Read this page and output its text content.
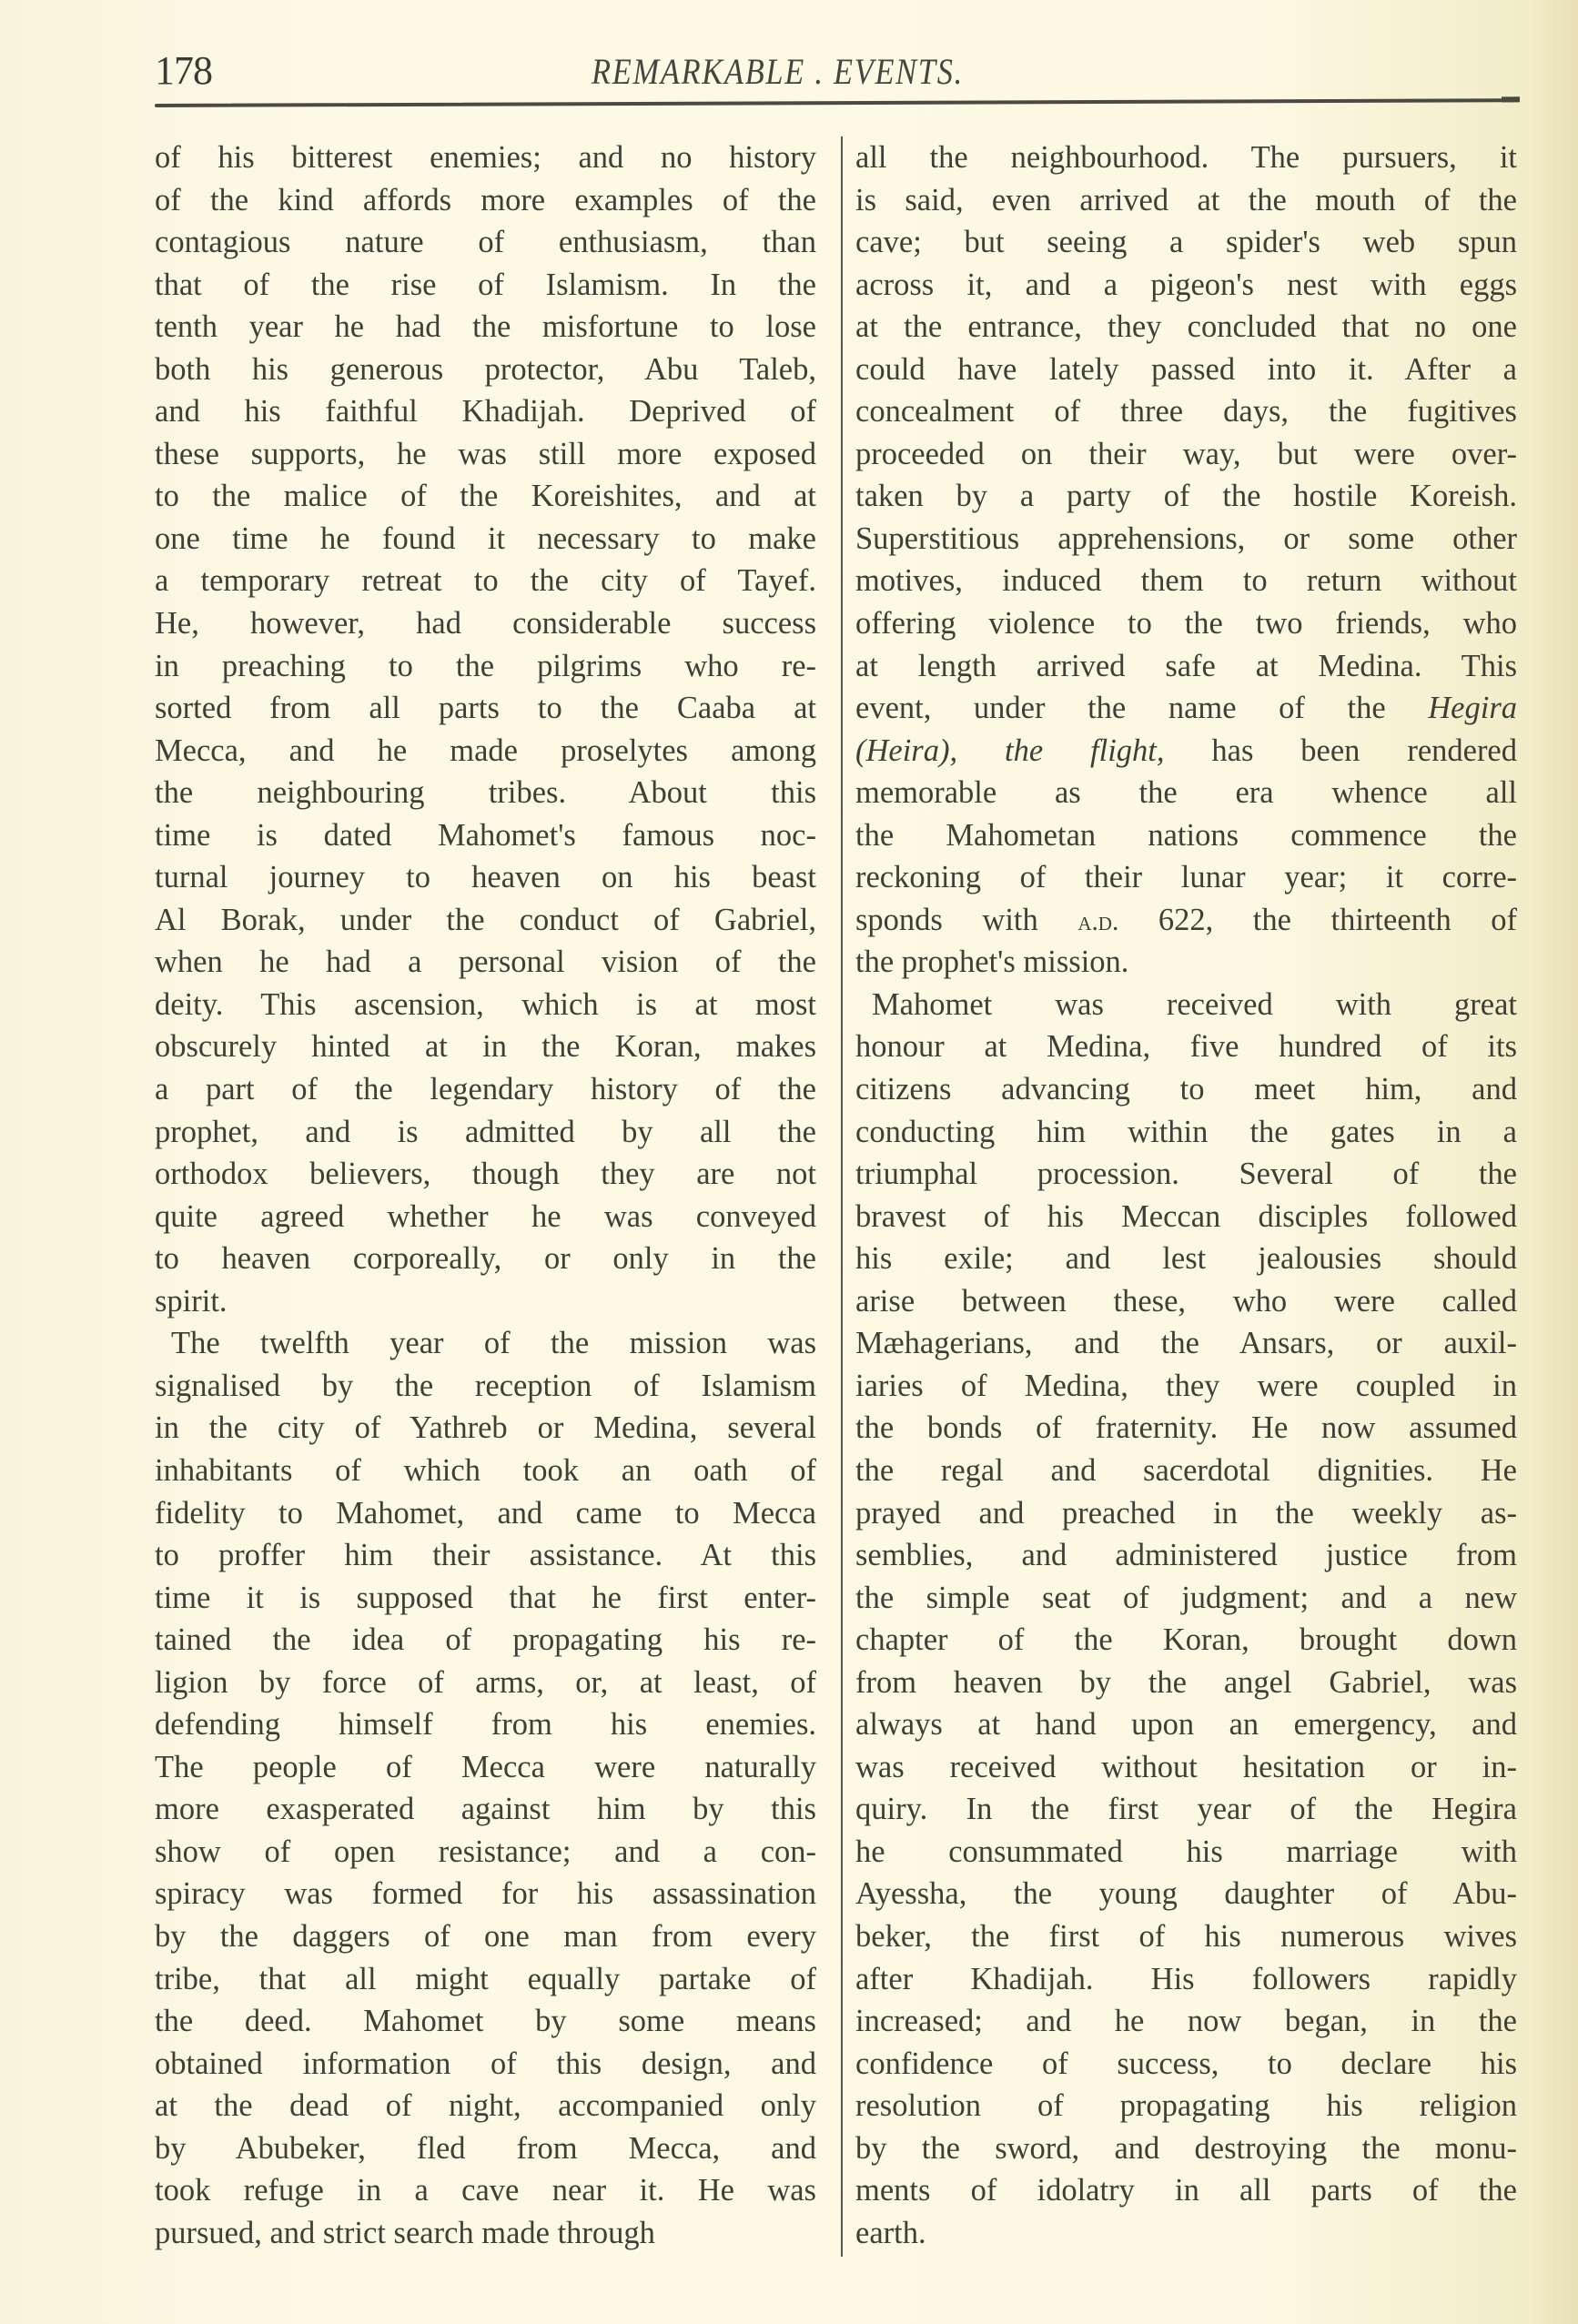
178	REMARKABLE . EVENTS.
of his bitterest enemies; and no history
of the kind affords more examples of the
contagious nature of enthusiasm, than
that of the rise of Islamism. In the
tenth year he had the misfortune to lose
both his generous protector, Abu Taleb,
and his faithful Khadijah. Deprived of
these supports, he was still more exposed
to the malice of the Koreishites, and at
one time he found it necessary to make
a temporary retreat to the city of Tayef.
He, however, had considerable success
in preaching to the pilgrims who re-
sorted from all parts to the Caaba at
Mecca, and he made proselytes among
the neighbouring tribes. About this
time is dated Mahomet's famous noc-
turnal journey to heaven on his beast
Al Borak, under the conduct of Gabriel,
when he had a personal vision of the
deity. This ascension, which is at most
obscurely hinted at in the Koran, makes
a part of the legendary history of the
prophet, and is admitted by all the
orthodox believers, though they are not
quite agreed whether he was conveyed
to heaven corporeally, or only in the
spirit.
The twelfth year of the mission was
signalised by the reception of Islamism
in the city of Yathreb or Medina, several
inhabitants of which took an oath of
fidelity to Mahomet, and came to Mecca
to proffer him their assistance. At this
time it is supposed that he first enter-
tained the idea of propagating his re-
ligion by force of arms, or, at least, of
defending himself from his enemies.
The people of Mecca were naturally
more exasperated against him by this
show of open resistance; and a con-
spiracy was formed for his assassination
by the daggers of one man from every
tribe, that all might equally partake of
the deed. Mahomet by some means
obtained information of this design, and
at the dead of night, accompanied only
by Abubeker, fled from Mecca, and
took refuge in a cave near it. He was
pursued, and strict search made through
all the neighbourhood. The pursuers, it
is said, even arrived at the mouth of the
cave; but seeing a spider's web spun
across it, and a pigeon's nest with eggs
at the entrance, they concluded that no one
could have lately passed into it. After a
concealment of three days, the fugitives
proceeded on their way, but were over-
taken by a party of the hostile Koreish.
Superstitious apprehensions, or some other
motives, induced them to return without
offering violence to the two friends, who
at length arrived safe at Medina. This
event, under the name of the Hegira
(Heira), the flight, has been rendered
memorable as the era whence all
the Mahometan nations commence the
reckoning of their lunar year; it corre-
sponds with a.d. 622, the thirteenth of
the prophet's mission.
Mahomet was received with great
honour at Medina, five hundred of its
citizens advancing to meet him, and
conducting him within the gates in a
triumphal procession. Several of the
bravest of his Meccan disciples followed
his exile; and lest jealousies should
arise between these, who were called
Mæhagerians, and the Ansars, or auxil-
iaries of Medina, they were coupled in
the bonds of fraternity. He now assumed
the regal and sacerdotal dignities. He
prayed and preached in the weekly as-
semblies, and administered justice from
the simple seat of judgment; and a new
chapter of the Koran, brought down
from heaven by the angel Gabriel, was
always at hand upon an emergency, and
was received without hesitation or in-
quiry. In the first year of the Hegira
he consummated his marriage with
Ayessha, the young daughter of Abu-
beker, the first of his numerous wives
after Khadijah. His followers rapidly
increased; and he now began, in the
confidence of success, to declare his
resolution of propagating his religion
by the sword, and destroying the monu-
ments of idolatry in all parts of the
earth.
